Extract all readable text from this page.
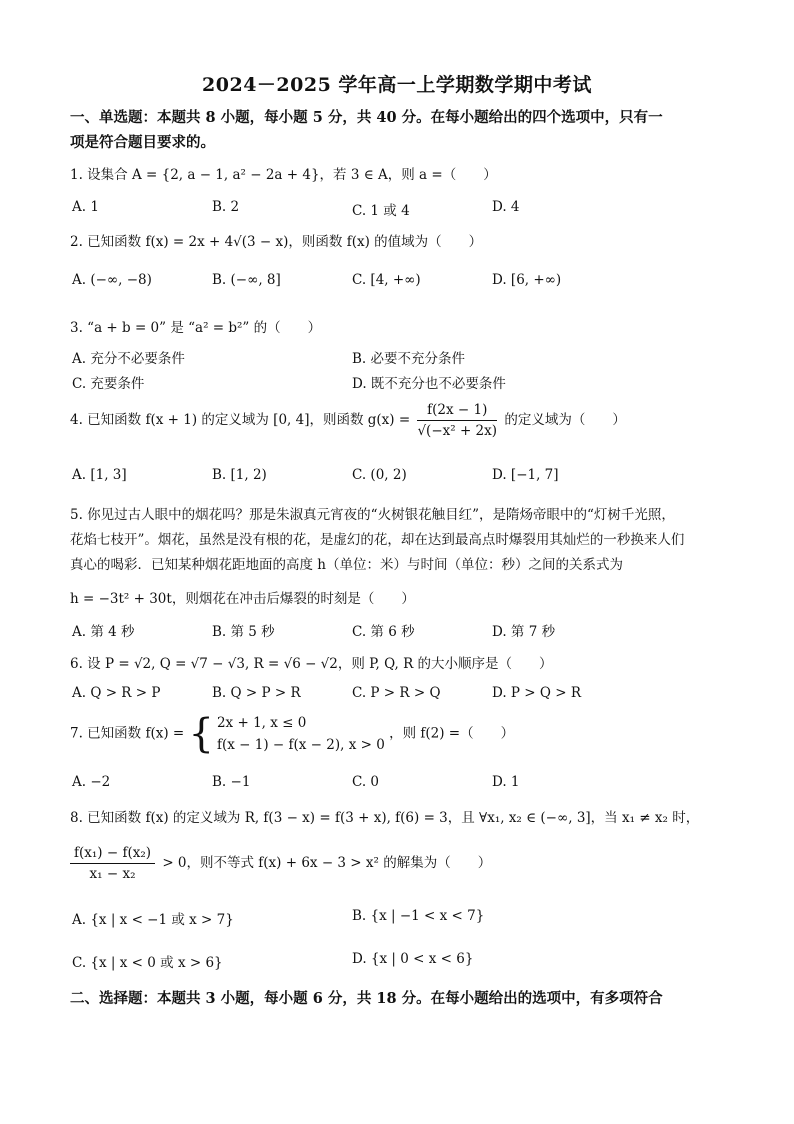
2024－2025 学年高一上学期数学期中考试
一、单选题：本题共 8 小题，每小题 5 分，共 40 分。在每小题给出的四个选项中，只有一
项是符合题目要求的。
1. 设集合 A = {2, a − 1, a² − 2a + 4}，若 3 ∈ A，则 a =（　　）
A. 1	B. 2	C. 1 或 4	D. 4
2. 已知函数 f(x) = 2x + 4√(3 − x)，则函数 f(x) 的值域为（　　）
A. (−∞, −8)	B. (−∞, 8]	C. [4, +∞)	D. [6, +∞)
3. “a + b = 0” 是 “a² = b²” 的（　　）
A. 充分不必要条件	B. 必要不充分条件
C. 充要条件	D. 既不充分也不必要条件
4. 已知函数 f(x + 1) 的定义域为 [0, 4]，则函数 $g(x) = \frac{f(2x - 1)}{\text{√(−x² + 2x)}}$ 的定义域为（　　）
A. [1, 3]	B. [1, 2)	C. (0, 2)	D. [−1, 7]
5. 你见过古人眼中的烟花吗？那是朱淑真元宵夜的“火树银花触目红”，是隋炀帝眼中的“灯树千光照，
花焰七枝开”。烟花，虽然是没有根的花，是虚幻的花，却在达到最高点时爆裂用其灿烂的一秒换来人们
真心的喝彩．已知某种烟花距地面的高度 h（单位：米）与时间（单位：秒）之间的关系式为
h = −3t² + 30t，则烟花在冲击后爆裂的时刻是（　　）
A. 第 4 秒	B. 第 5 秒	C. 第 6 秒	D. 第 7 秒
6. 设 P = √2, Q = √7 − √3, R = √6 − √2，则 P, Q, R 的大小顺序是（　　）
A. Q > R > P	B. Q > P > R	C. P > R > Q	D. P > Q > R
7. 已知函数 f(x) = { 2x + 1, x ≤ 0
f(x − 1) − f(x − 2), x > 0
，则 f(2) =（　　）
A. −2	B. −1	C. 0	D. 1
8. 已知函数 f(x) 的定义域为 R, f(3 − x) = f(3 + x), f(6) = 3，且 ∀x₁, x₂ ∈ (−∞, 3]，当 x₁ ≠ x₂ 时，
$\frac{\text{f(x₁) − f(x₂)}}{\text{x₁ − x₂}} > 0$，则不等式 f(x) + 6x − 3 > x² 的解集为（　　）
A. {x | x < −1 或 x > 7}	B. {x | −1 < x < 7}
C. {x | x < 0 或 x > 6}	D. {x | 0 < x < 6}
二、选择题：本题共 3 小题，每小题 6 分，共 18 分。在每小题给出的选项中，有多项符合
